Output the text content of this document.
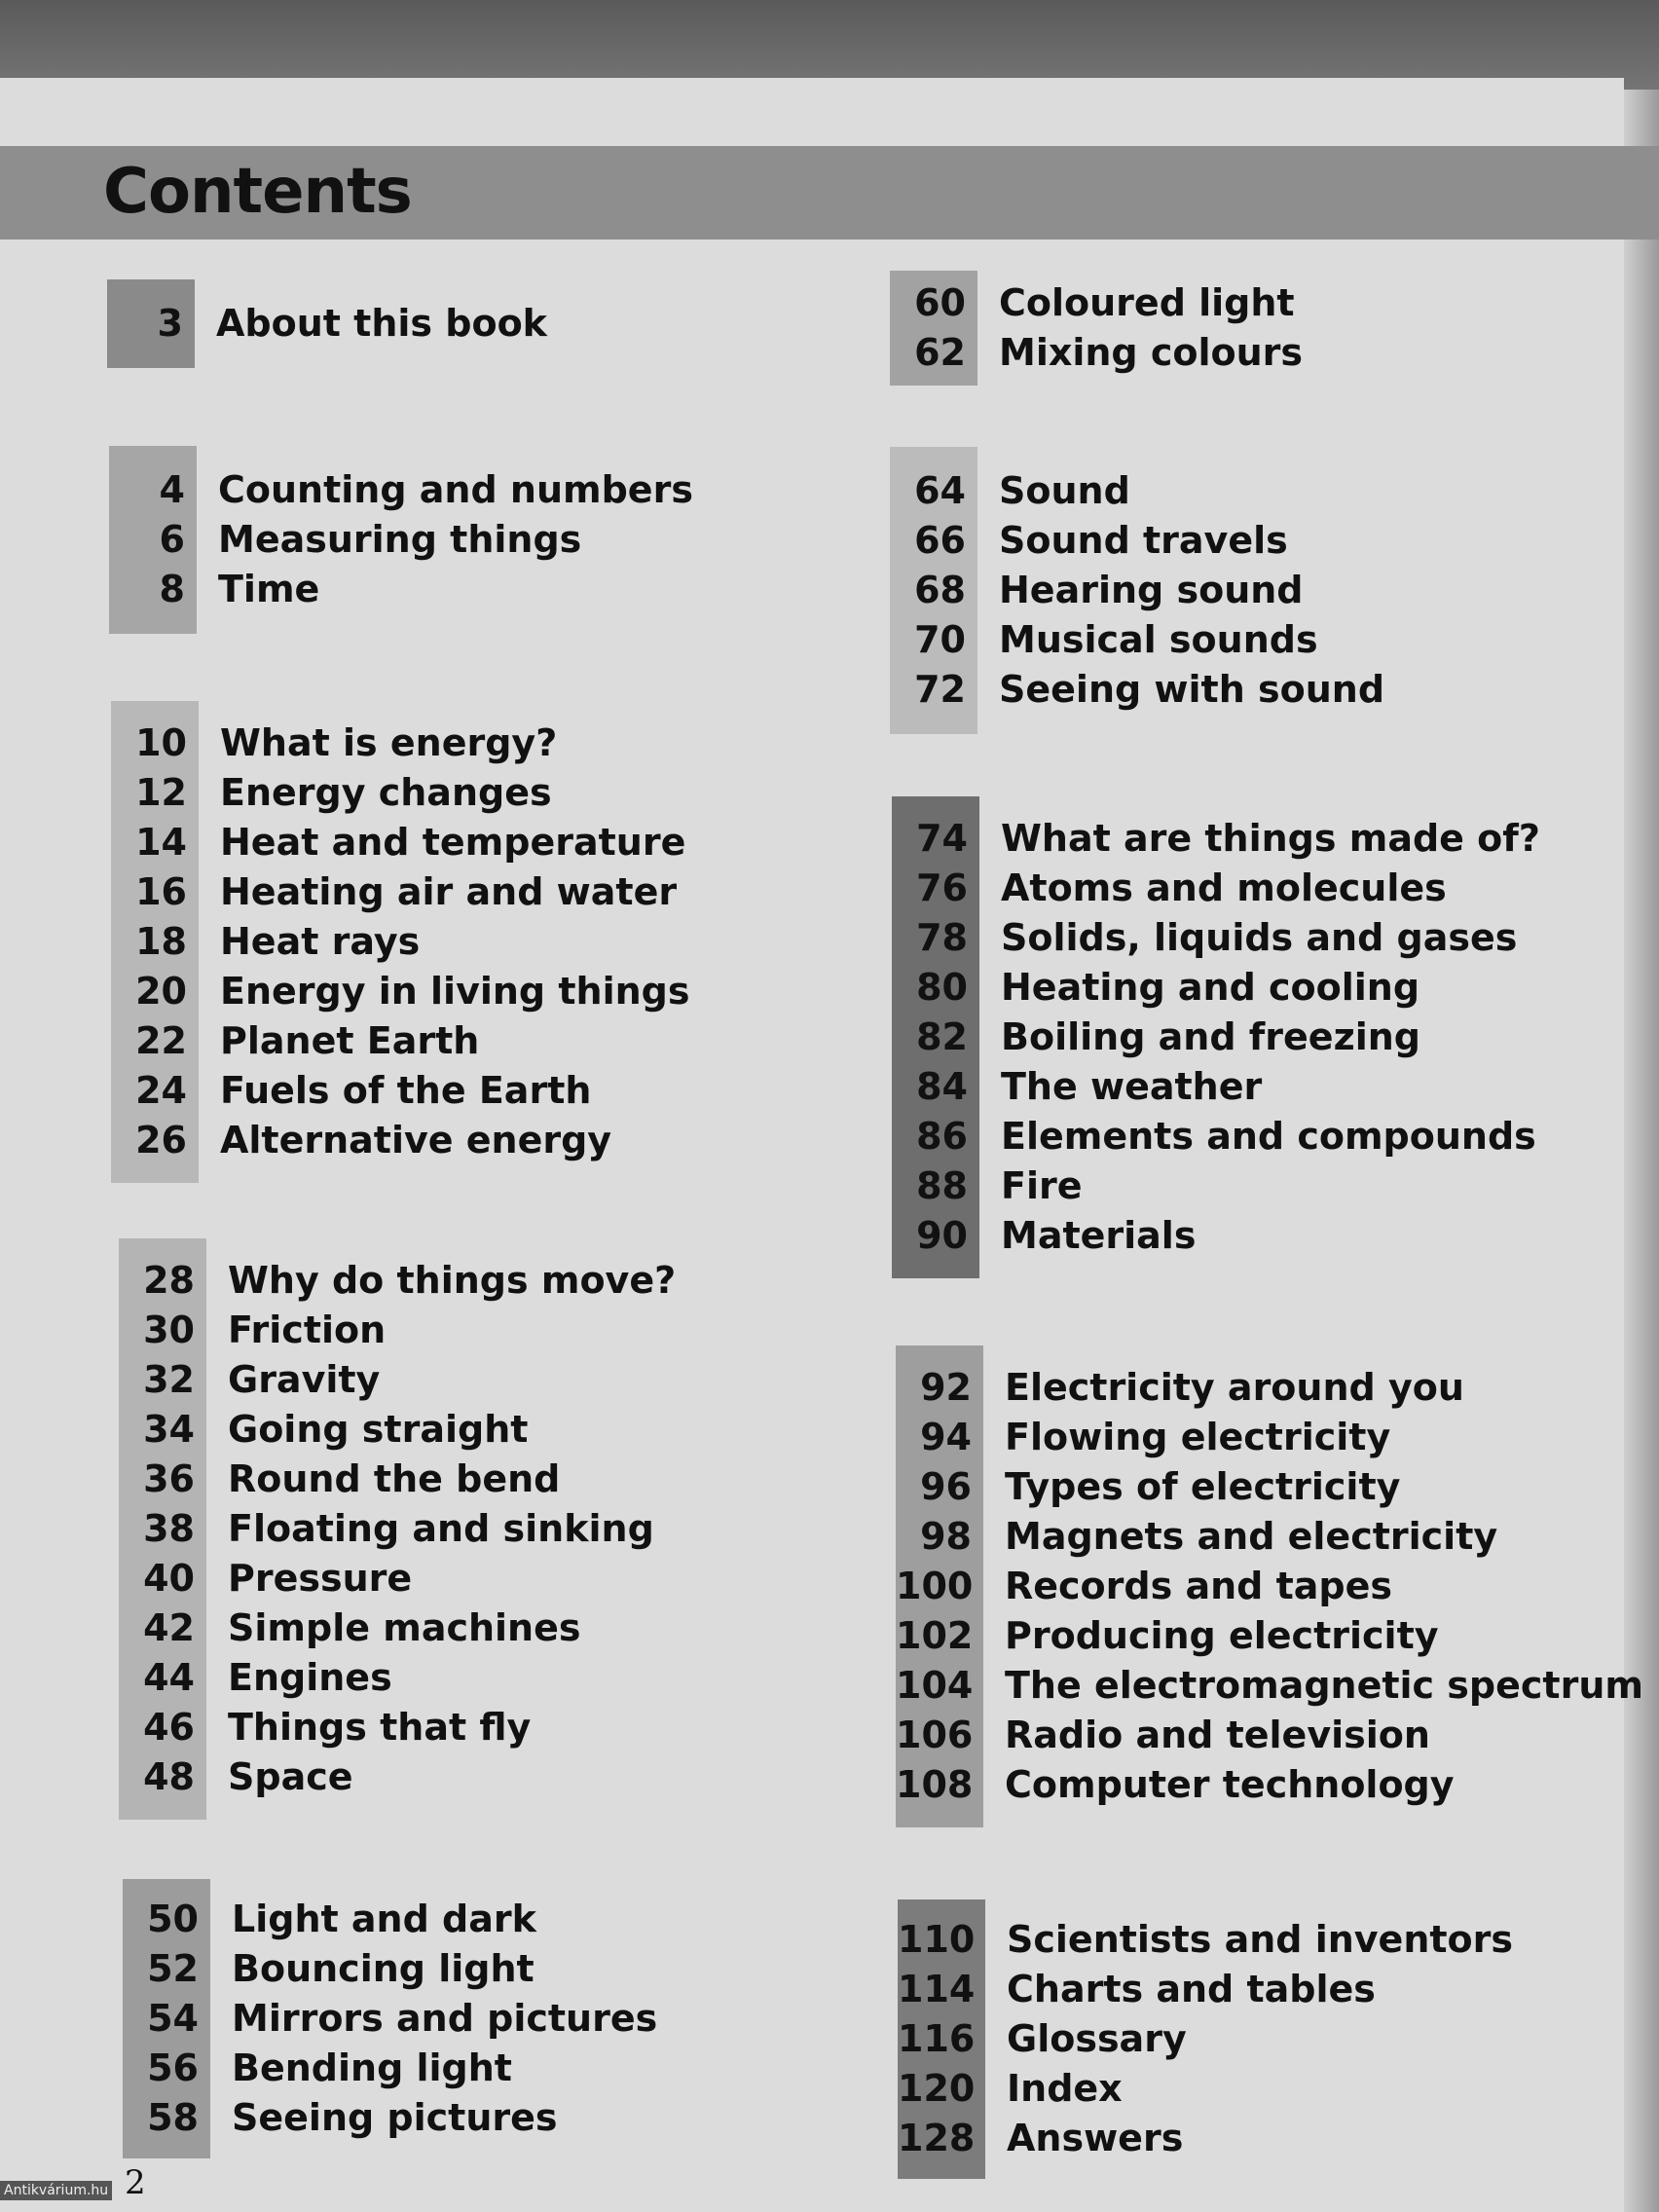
Contents
3 About this book
4 Counting and numbers
6 Measuring things
8 Time
10 What is energy?
12 Energy changes
14 Heat and temperature
16 Heating air and water
18 Heat rays
20 Energy in living things
22 Planet Earth
24 Fuels of the Earth
26 Alternative energy
28 Why do things move?
30 Friction
32 Gravity
34 Going straight
36 Round the bend
38 Floating and sinking
40 Pressure
42 Simple machines
44 Engines
46 Things that fly
48 Space
50 Light and dark
52 Bouncing light
54 Mirrors and pictures
56 Bending light
58 Seeing pictures
60 Coloured light
62 Mixing colours
64 Sound
66 Sound travels
68 Hearing sound
70 Musical sounds
72 Seeing with sound
74 What are things made of?
76 Atoms and molecules
78 Solids, liquids and gases
80 Heating and cooling
82 Boiling and freezing
84 The weather
86 Elements and compounds
88 Fire
90 Materials
92 Electricity around you
94 Flowing electricity
96 Types of electricity
98 Magnets and electricity
100 Records and tapes
102 Producing electricity
104 The electromagnetic spectrum
106 Radio and television
108 Computer technology
110 Scientists and inventors
114 Charts and tables
116 Glossary
120 Index
128 Answers
2
Antikvárium.hu
